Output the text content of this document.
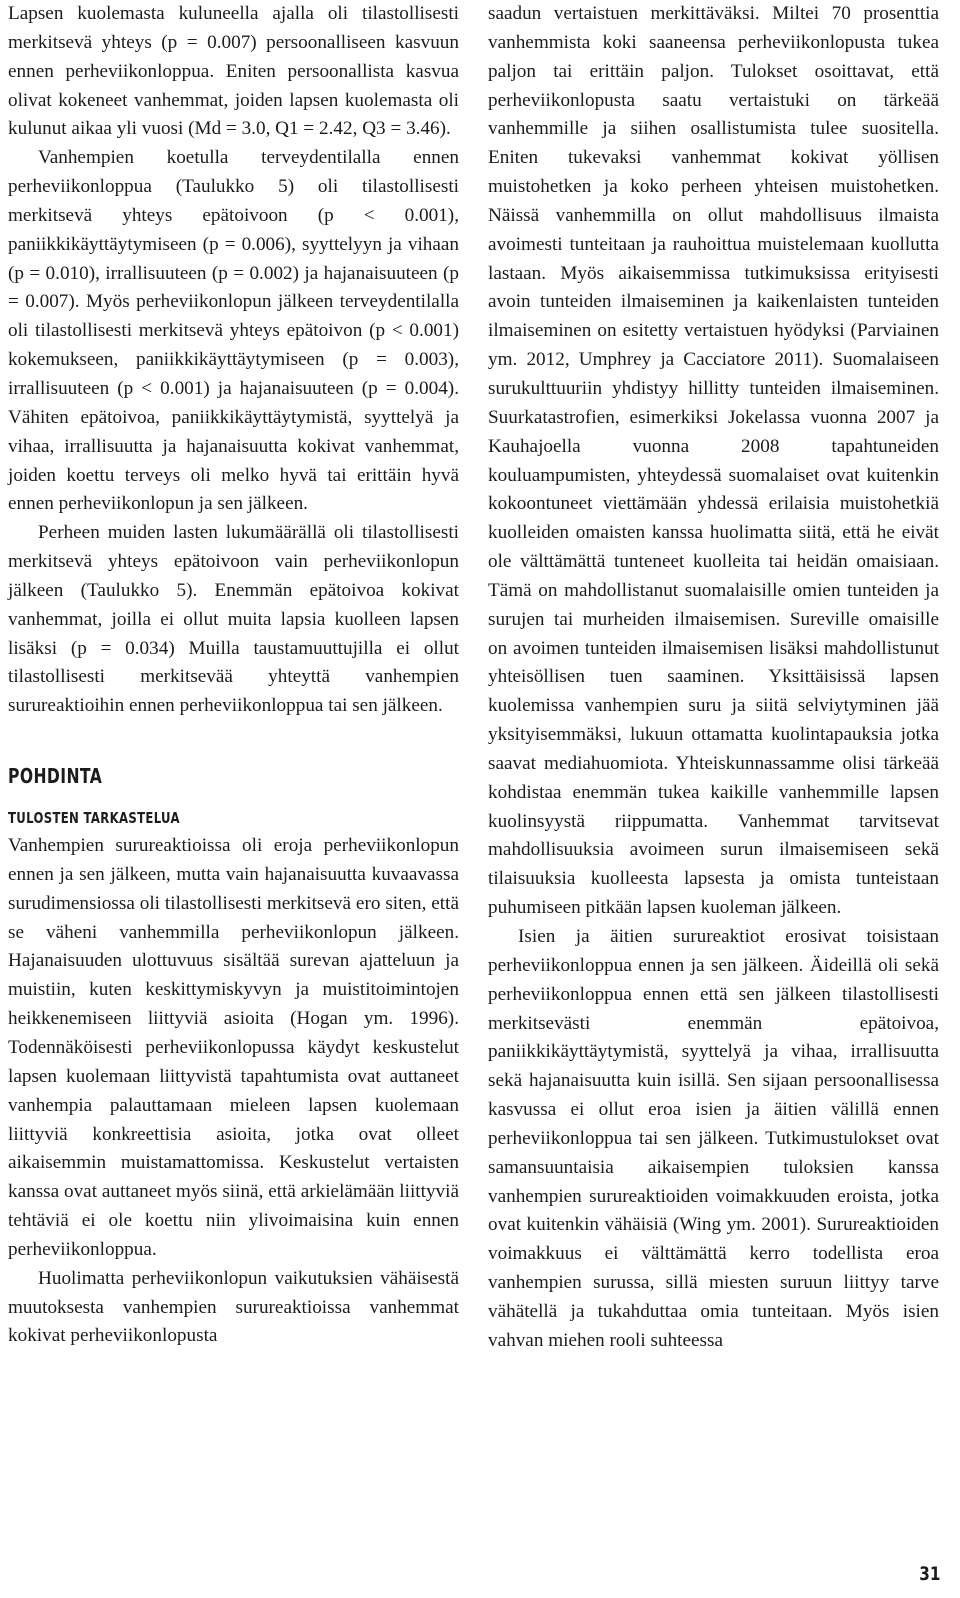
Lapsen kuolemasta kuluneella ajalla oli tilastollisesti merkitsevä yhteys (p = 0.007) persoonalliseen kasvuun ennen perheviikonloppua. Eniten persoonallista kasvua olivat kokeneet vanhemmat, joiden lapsen kuolemasta oli kulunut aikaa yli vuosi (Md = 3.0, Q1 = 2.42, Q3 = 3.46).

Vanhempien koetulla terveydentilalla ennen perheviikonloppua (Taulukko 5) oli tilastollisesti merkitsevä yhteys epätoivoon (p < 0.001), paniikkikäyttäytymiseen (p = 0.006), syyttelyyn ja vihaan (p = 0.010), irrallisuuteen (p = 0.002) ja hajanaisuuteen (p = 0.007). Myös perheviikonlopun jälkeen terveydentilalla oli tilastollisesti merkitsevä yhteys epätoivon (p < 0.001) kokemukseen, paniikkikäyttäytymiseen (p = 0.003), irrallisuuteen (p < 0.001) ja hajanaisuuteen (p = 0.004). Vähiten epätoivoa, paniikkikäyttäytymistä, syyttelyä ja vihaa, irrallisuutta ja hajanaisuutta kokivat vanhemmat, joiden koettu terveys oli melko hyvä tai erittäin hyvä ennen perheviikonlopun ja sen jälkeen.

Perheen muiden lasten lukumäärällä oli tilastollisesti merkitsevä yhteys epätoivoon vain perheviikonlopun jälkeen (Taulukko 5). Enemmän epätoivoa kokivat vanhemmat, joilla ei ollut muita lapsia kuolleen lapsen lisäksi (p = 0.034) Muilla taustamuuttujilla ei ollut tilastollisesti merkitsevää yhteyttä vanhempien surureaktioihin ennen perheviikonloppua tai sen jälkeen.

POHDINTA
TULOSTEN TARKASTELUA

Vanhempien surureaktioissa oli eroja perheviikonlopun ennen ja sen jälkeen, mutta vain hajanaisuutta kuvaavassa surudimensiossa oli tilastollisesti merkitsevä ero siten, että se väheni vanhemmilla perheviikonlopun jälkeen. Hajanaisuuden ulottuvuus sisältää surevan ajatteluun ja muistiin, kuten keskittymiskyvyn ja muistitoimintojen heikkenemiseen liittyviä asioita (Hogan ym. 1996). Todennäköisesti perheviikonlopussa käydyt keskustelut lapsen kuolemaan liittyvistä tapahtumista ovat auttaneet vanhempia palauttamaan mieleen lapsen kuolemaan liittyviä konkreettisia asioita, jotka ovat olleet aikaisemmin muistamattomissa. Keskustelut vertaisten kanssa ovat auttaneet myös siinä, että arkielämään liittyviä tehtäviä ei ole koettu niin ylivoimaisina kuin ennen perheviikonloppua.

Huolimatta perheviikonlopun vaikutuksien vähäisestä muutoksesta vanhempien surureaktioissa vanhemmat kokivat perheviikonlopusta

saadun vertaistuen merkittäväksi. Miltei 70 prosenttia vanhemmista koki saaneensa perheviikonlopusta tukea paljon tai erittäin paljon. Tulokset osoittavat, että perheviikonlopusta saatu vertaistuki on tärkeää vanhemmille ja siihen osallistumista tulee suositella. Eniten tukevaksi vanhemmat kokivat yöllisen muistohetken ja koko perheen yhteisen muistohetken. Näissä vanhemmilla on ollut mahdollisuus ilmaista avoimesti tunteitaan ja rauhoittua muistelemaan kuollutta lastaan. Myös aikaisemmissa tutkimuksissa erityisesti avoin tunteiden ilmaiseminen ja kaikenlaisten tunteiden ilmaiseminen on esitetty vertaistuen hyödyksi (Parviainen ym. 2012, Umphrey ja Cacciatore 2011). Suomalaiseen surukulttuuriin yhdistyy hillitty tunteiden ilmaiseminen. Suurkatastrofien, esimerkiksi Jokelassa vuonna 2007 ja Kauhajoella vuonna 2008 tapahtuneiden kouluampumisten, yhteydessä suomalaiset ovat kuitenkin kokoontuneet viettämään yhdessä erilaisia muistohetkiä kuolleiden omaisten kanssa huolimatta siitä, että he eivät ole välttämättä tunteneet kuolleita tai heidän omaisiaan. Tämä on mahdollistanut suomalaisille omien tunteiden ja surujen tai murheiden ilmaisemisen. Sureville omaisille on avoimen tunteiden ilmaisemisen lisäksi mahdollistunut yhteisöllisen tuen saaminen. Yksittäisissä lapsen kuolemissa vanhempien suru ja siitä selviytyminen jää yksityisemmäksi, lukuun ottamatta kuolintapauksia jotka saavat mediahuomiota. Yhteiskunnassamme olisi tärkeää kohdistaa enemmän tukea kaikille vanhemmille lapsen kuolinsyystä riippumatta. Vanhemmat tarvitsevat mahdollisuuksia avoimeen surun ilmaisemiseen sekä tilaisuuksia kuolleesta lapsesta ja omista tunteistaan puhumiseen pitkään lapsen kuoleman jälkeen.

Isien ja äitien surureaktiot erosivat toisistaan perheviikonloppua ennen ja sen jälkeen. Äideillä oli sekä perheviikonloppua ennen että sen jälkeen tilastollisesti merkitsevästi enemmän epätoivoa, paniikkikäyttäytymistä, syyttelyä ja vihaa, irrallisuutta sekä hajanaisuutta kuin isillä. Sen sijaan persoonallisessa kasvussa ei ollut eroa isien ja äitien välillä ennen perheviikonloppua tai sen jälkeen. Tutkimustulokset ovat samansuuntaisia aikaisempien tuloksien kanssa vanhempien surureaktioiden voimakkuuden eroista, jotka ovat kuitenkin vähäisiä (Wing ym. 2001). Surureaktioiden voimakkuus ei välttämättä kerro todellista eroa vanhempien surussa, sillä miesten suruun liittyy tarve vähätellä ja tukahduttaa omia tunteitaan. Myös isien vahvan miehen rooli suhteessa

31
